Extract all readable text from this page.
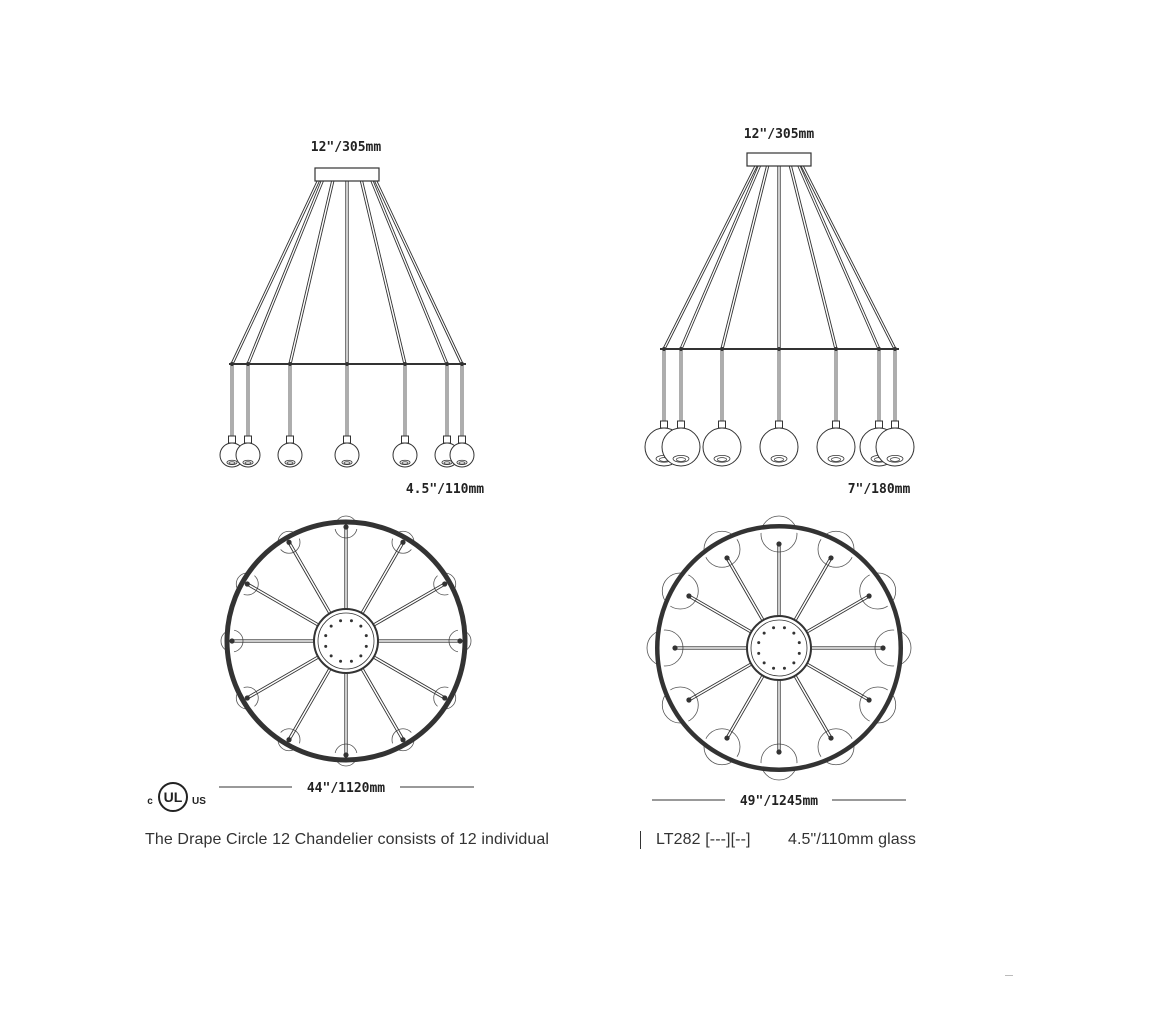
12"/305mm
4.5"/110mm
12"/305mm
7"/180mm
44"/1120mm
49"/1245mm
UL
c	US
The Drape Circle 12 Chandelier consists of 12 individual	LT282 [---][--] 4.5"/110mm glass
